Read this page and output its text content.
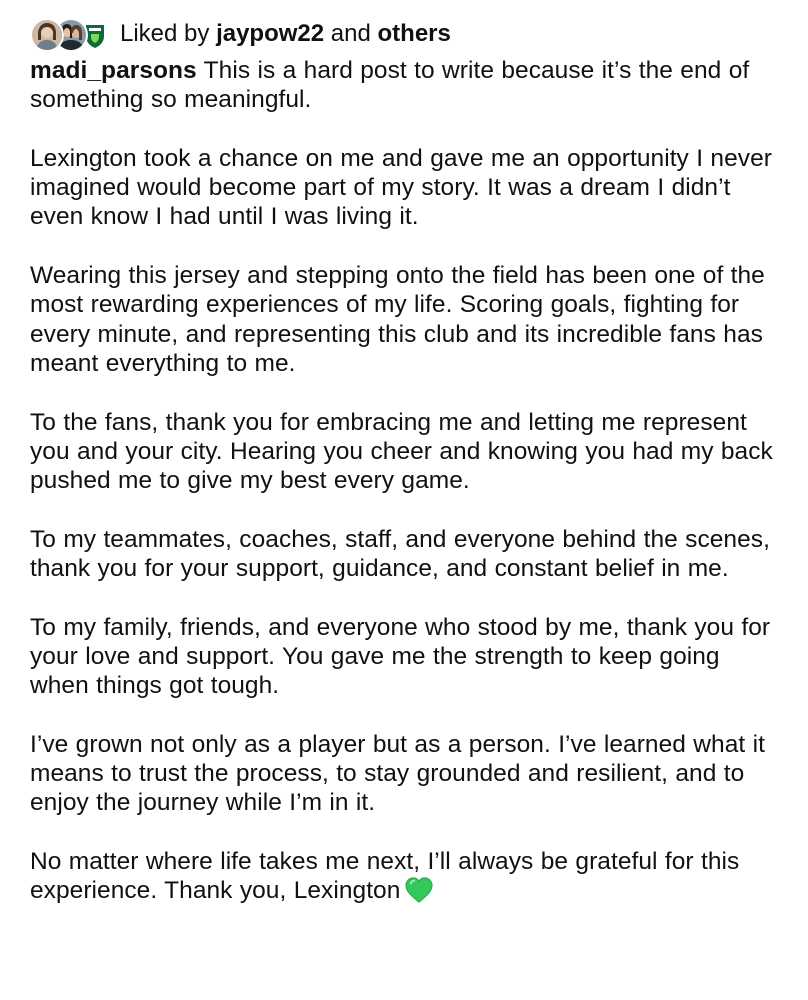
Liked by jaypow22 and others

madi_parsons This is a hard post to write because it’s the end of something so meaningful.

Lexington took a chance on me and gave me an opportunity I never imagined would become part of my story. It was a dream I didn’t even know I had until I was living it.

Wearing this jersey and stepping onto the field has been one of the most rewarding experiences of my life. Scoring goals, fighting for every minute, and representing this club and its incredible fans has meant everything to me.

To the fans, thank you for embracing me and letting me represent you and your city. Hearing you cheer and knowing you had my back pushed me to give my best every game.

To my teammates, coaches, staff, and everyone behind the scenes, thank you for your support, guidance, and constant belief in me.

To my family, friends, and everyone who stood by me, thank you for your love and support. You gave me the strength to keep going when things got tough.

I’ve grown not only as a player but as a person. I’ve learned what it means to trust the process, to stay grounded and resilient, and to enjoy the journey while I’m in it.

No matter where life takes me next, I’ll always be grateful for this experience. Thank you, Lexington
